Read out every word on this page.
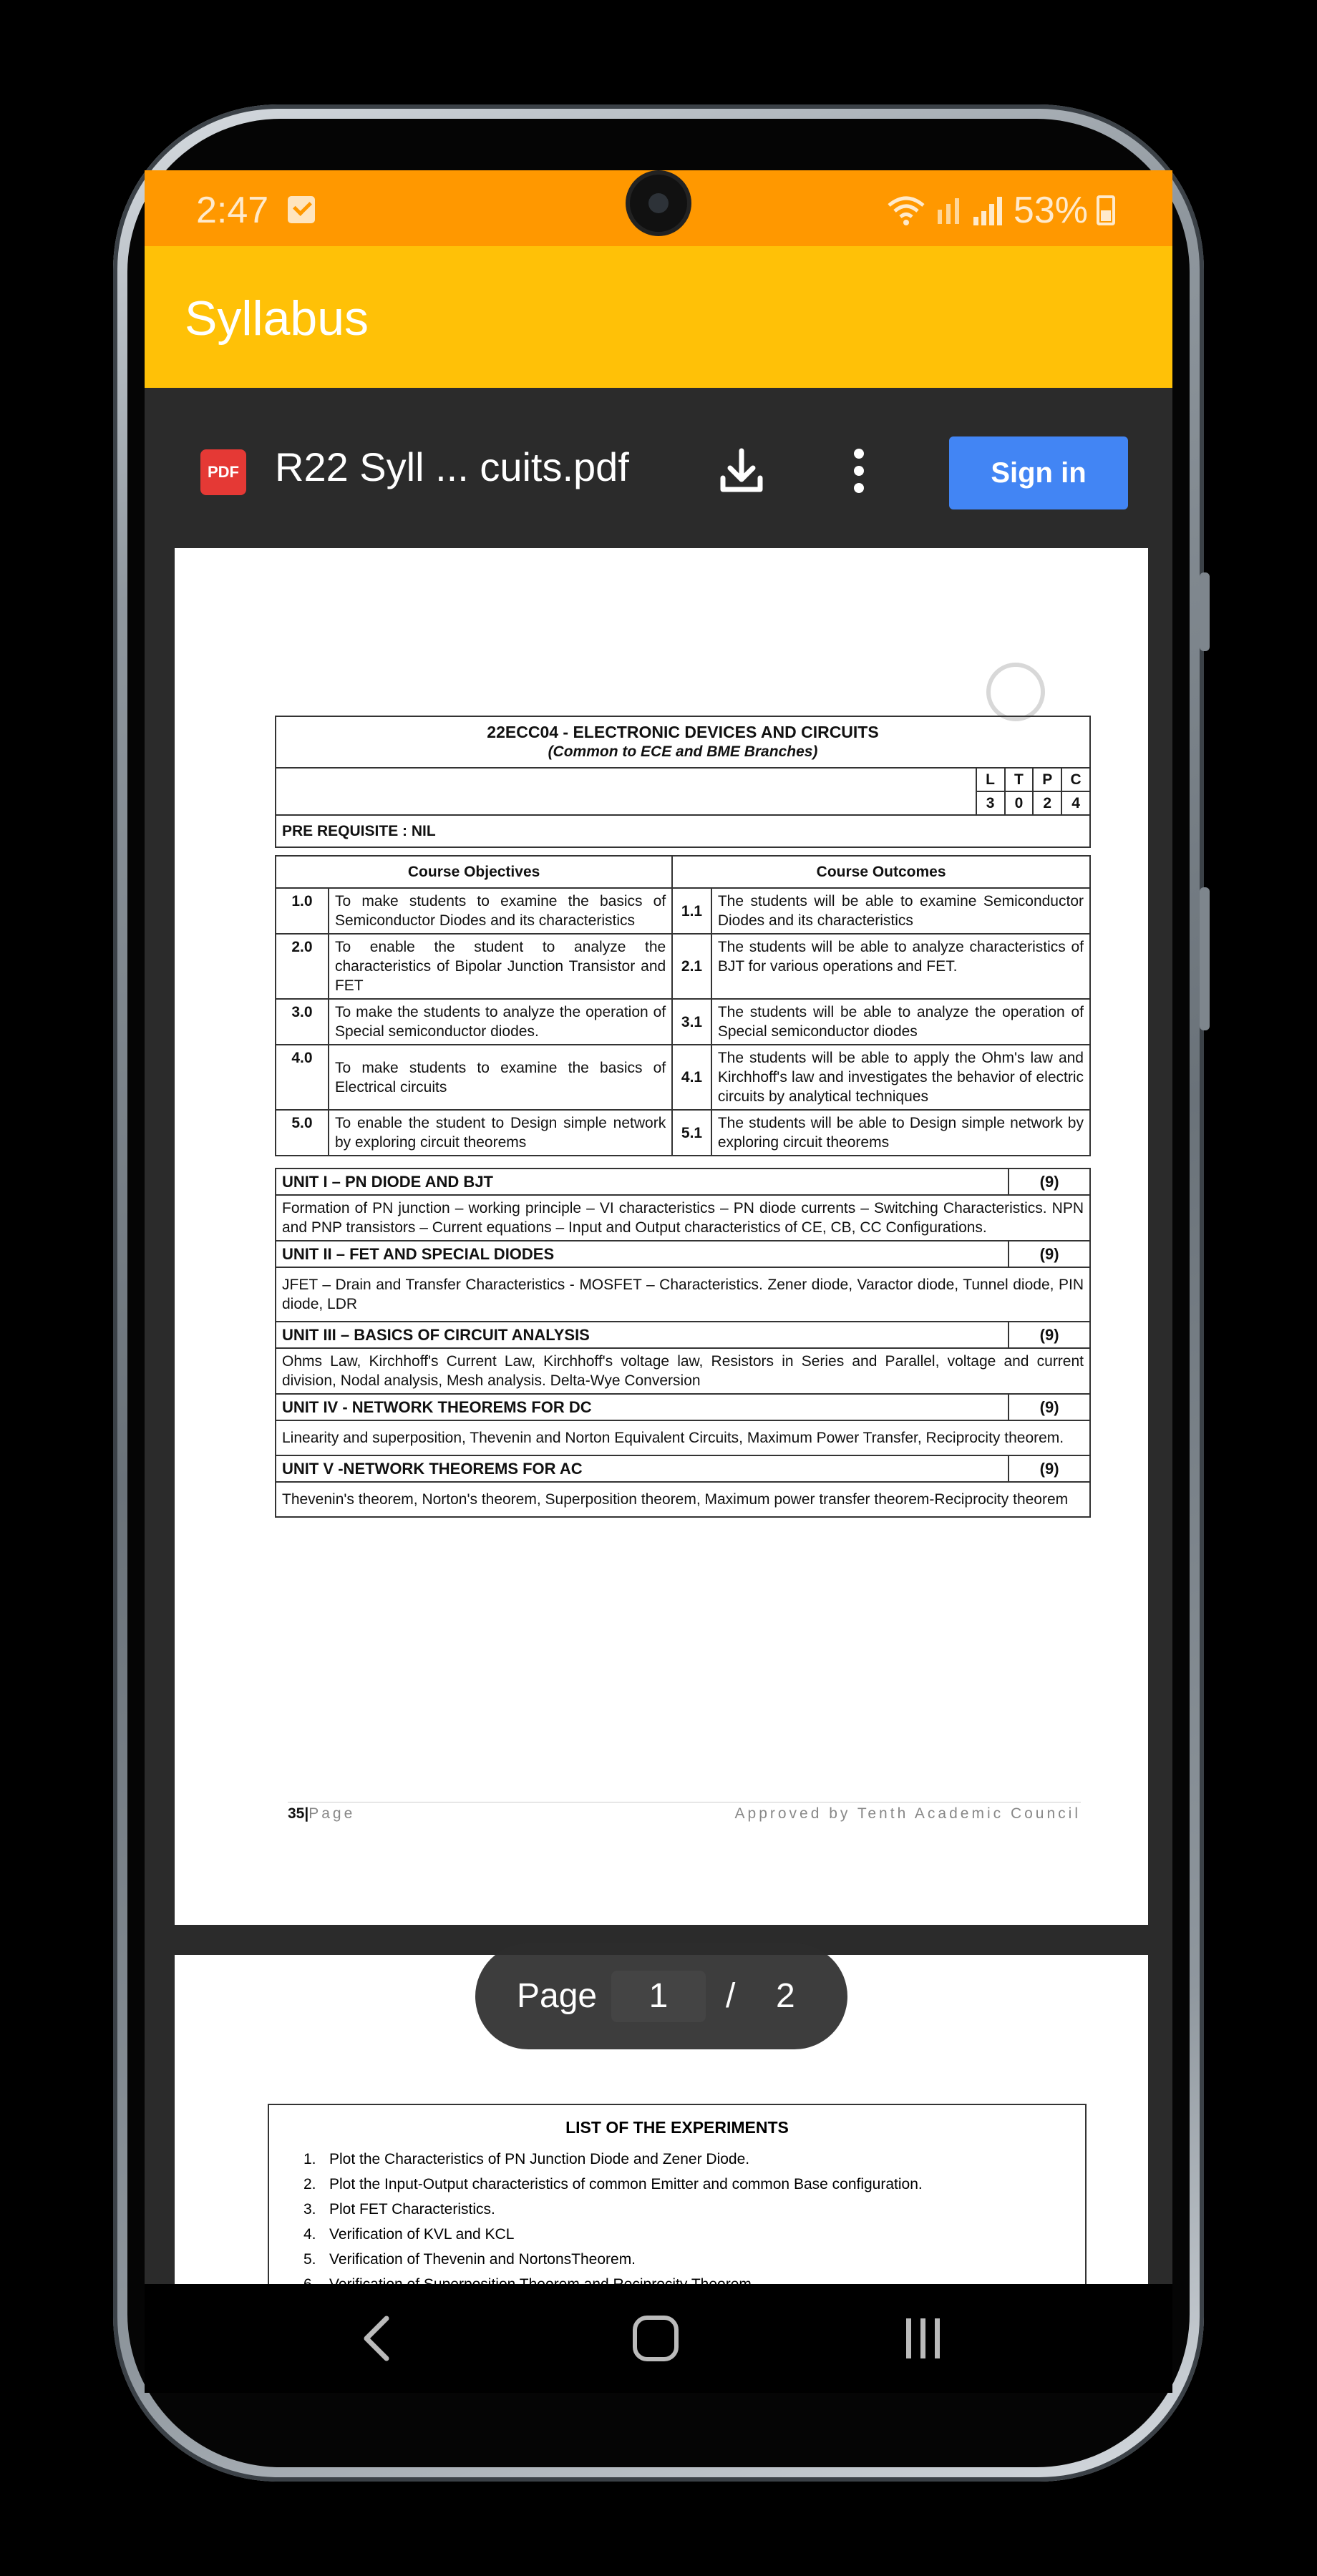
2:47	53%
Syllabus
PDF R22 Syll ... cuits.pdf	Sign in
22ECC04 - ELECTRONIC DEVICES AND CIRCUITS
(Common to ECE and BME Branches)				

	L	T	P	C
	3	0	2	4
PRE REQUISITE : NIL				
Course Objectives		Course Outcomes	
1.0	To make students to examine the basics of Semiconductor Diodes and its characteristics	1.1	The students will be able to examine Semiconductor Diodes and its characteristics
2.0	To enable the student to analyze the characteristics of Bipolar Junction Transistor and FET	2.1	The students will be able to analyze characteristics of BJT for various operations and FET.
3.0	To make the students to analyze the operation of Special semiconductor diodes.	3.1	The students will be able to analyze the operation of Special semiconductor diodes
4.0	To make students to examine the basics of Electrical circuits	4.1	The students will be able to apply the Ohm's law and Kirchhoff's law and investigates the behavior of electric circuits by analytical techniques
5.0	To enable the student to Design simple network by exploring circuit theorems	5.1	The students will be able to Design simple network by exploring circuit theorems
UNIT I – PN DIODE AND BJT	(9)
Formation of PN junction – working principle – VI characteristics – PN diode currents – Switching Characteristics. NPN and PNP transistors – Current equations – Input and Output characteristics of CE, CB, CC Configurations.	
UNIT II – FET AND SPECIAL DIODES	(9)
JFET – Drain and Transfer Characteristics - MOSFET – Characteristics. Zener diode, Varactor diode, Tunnel diode, PIN diode, LDR	
UNIT III – BASICS OF CIRCUIT ANALYSIS	(9)
Ohms Law, Kirchhoff's Current Law, Kirchhoff's voltage law, Resistors in Series and Parallel, voltage and current division, Nodal analysis, Mesh analysis. Delta-Wye Conversion	
UNIT IV - NETWORK THEOREMS FOR DC	(9)
Linearity and superposition, Thevenin and Norton Equivalent Circuits, Maximum Power Transfer, Reciprocity theorem.	
UNIT V -NETWORK THEOREMS FOR AC	(9)
Thevenin's theorem, Norton's theorem, Superposition theorem, Maximum power transfer theorem-Reciprocity theorem	
35|Page	Approved by Tenth Academic Council
LIST OF THE EXPERIMENTS
1. Plot the Characteristics of PN Junction Diode and Zener Diode.
2. Plot the Input-Output characteristics of common Emitter and common Base configuration.
3. Plot FET Characteristics.
4. Verification of KVL and KCL
5. Verification of Thevenin and NortonsTheorem.
Page	1	/ 2
